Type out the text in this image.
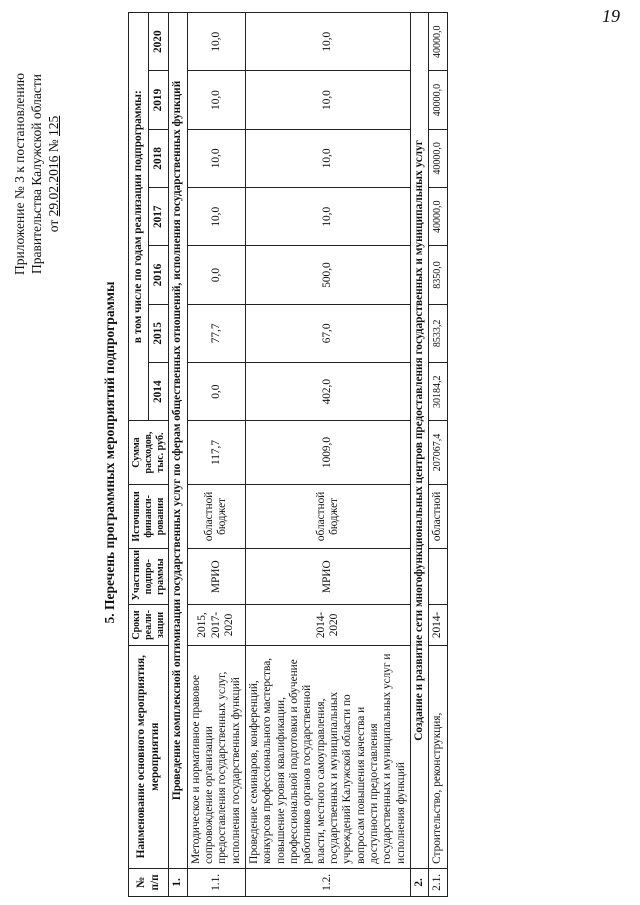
19
Приложение № 3 к постановлению Правительства Калужской области от 29.02.2016 № 125
5. Перечень программных мероприятий подпрограммы
№ п/п	Наименование основного мероприятия, мероприятия	Сроки реали-зации	Участники подпро-граммы	Источники финанси-рования	Сумма расходов, тыс. руб.	в том числе по годам реализации подпрограммы:						
						2014	2015	2016	2017	2018	2019	2020
1.	Проведение комплексной оптимизации государственных услуг по сферам общественных отношений, исполнения государственных функций											
1.1.	Методическое и нормативное правовое сопровождение организации предоставления государственных услуг, исполнения государственных функций	2015, 2017-2020	МРИО	областной бюджет	117,7	0,0	77,7	0,0	10,0	10,0	10,0	10,0
1.2.	Проведение семинаров, конференций, конкурсов профессионального мастерства, повышение уровня квалификации, профессиональной подготовки и обучение работников органов государственной власти, местного самоуправления, государственных и муниципальных учреждений Калужской области по вопросам повышения качества и доступности предоставления государственных и муниципальных услуг и исполнения функций	2014-2020	МРИО	областной бюджет	1009,0	402,0	67,0	500,0	10,0	10,0	10,0	10,0
2.	Создание и развитие сети многофункциональных центров предоставления государственных и муниципальных услуг											
2.1.	Строительство, реконструкция,	2014-		областной	207067,4	30184,2	8533,2	8350,0	40000,0	40000,0	40000,0	40000,0
